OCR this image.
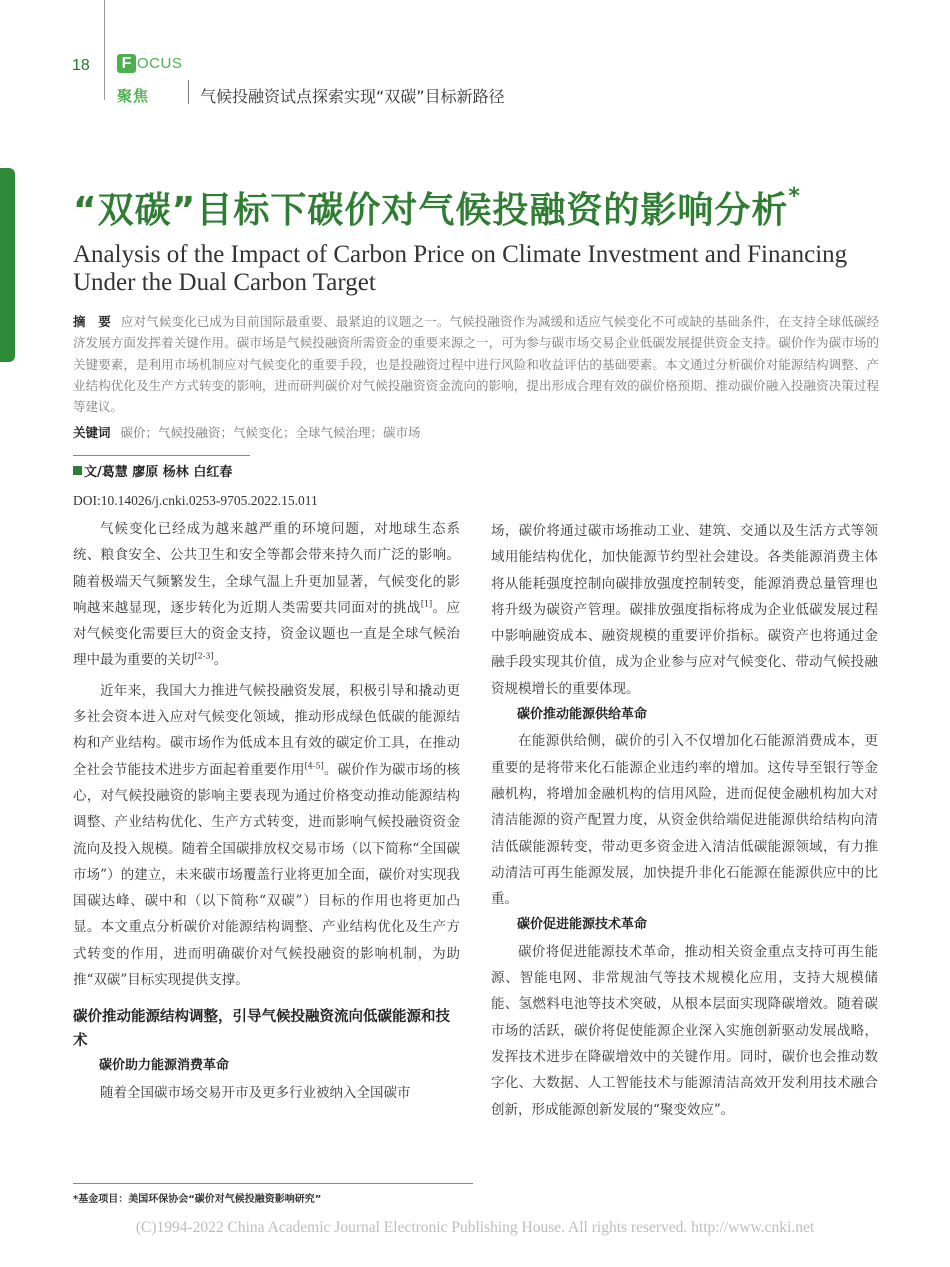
18 F OCUS
聚焦	气候投融资试点探索实现“双碳”目标新路径
“双碳”目标下碳价对气候投融资的影响分析*
Analysis of the Impact of Carbon Price on Climate Investment and Financing Under the Dual Carbon Target
摘　要 应对气候变化已成为目前国际最重要、最紧迫的议题之一。气候投融资作为减缓和适应气候变化不可或缺的基础条件，在支持全球低碳经济发展方面发挥着关键作用。碳市场是气候投融资所需资金的重要来源之一，可为参与碳市场交易企业低碳发展提供资金支持。碳价作为碳市场的关键要素，是利用市场机制应对气候变化的重要手段，也是投融资过程中进行风险和收益评估的基础要素。本文通过分析碳价对能源结构调整、产业结构优化及生产方式转变的影响，进而研判碳价对气候投融资资金流向的影响，提出形成合理有效的碳价格预期、推动碳价融入投融资决策过程等建议。
关键词 碳价；气候投融资；气候变化；全球气候治理；碳市场
文/葛慧 廖原 杨林 白红春
DOI:10.14026/j.cnki.0253-9705.2022.15.011

气候变化已经成为越来越严重的环境问题，对地球生态系统、粮食安全、公共卫生和安全等都会带来持久而广泛的影响。随着极端天气频繁发生，全球气温上升更加显著，气候变化的影响越来越显现，逐步转化为近期人类需要共同面对的挑战[1]。应对气候变化需要巨大的资金支持，资金议题也一直是全球气候治理中最为重要的关切[2-3]。

近年来，我国大力推进气候投融资发展，积极引导和撬动更多社会资本进入应对气候变化领域，推动形成绿色低碳的能源结构和产业结构。碳市场作为低成本且有效的碳定价工具，在推动全社会节能技术进步方面起着重要作用[4-5]。碳价作为碳市场的核心，对气候投融资的影响主要表现为通过价格变动推动能源结构调整、产业结构优化、生产方式转变，进而影响气候投融资资金流向及投入规模。随着全国碳排放权交易市场（以下简称“全国碳市场”）的建立，未来碳市场覆盖行业将更加全面，碳价对实现我国碳达峰、碳中和（以下简称“双碳”）目标的作用也将更加凸显。本文重点分析碳价对能源结构调整、产业结构优化及生产方式转变的作用，进而明确碳价对气候投融资的影响机制，为助推“双碳”目标实现提供支撑。

碳价推动能源结构调整，引导气候投融资流向低碳能源和技术
碳价助力能源消费革命

随着全国碳市场交易开市及更多行业被纳入全国碳市

场，碳价将通过碳市场推动工业、建筑、交通以及生活方式等领域用能结构优化，加快能源节约型社会建设。各类能源消费主体将从能耗强度控制向碳排放强度控制转变，能源消费总量管理也将升级为碳资产管理。碳排放强度指标将成为企业低碳发展过程中影响融资成本、融资规模的重要评价指标。碳资产也将通过金融手段实现其价值，成为企业参与应对气候变化、带动气候投融资规模增长的重要体现。

碳价推动能源供给革命

在能源供给侧，碳价的引入不仅增加化石能源消费成本，更重要的是将带来化石能源企业违约率的增加。这传导至银行等金融机构，将增加金融机构的信用风险，进而促使金融机构加大对清洁能源的资产配置力度，从资金供给端促进能源供给结构向清洁低碳能源转变，带动更多资金进入清洁低碳能源领域，有力推动清洁可再生能源发展，加快提升非化石能源在能源供应中的比重。

碳价促进能源技术革命

碳价将促进能源技术革命，推动相关资金重点支持可再生能源、智能电网、非常规油气等技术规模化应用，支持大规模储能、氢燃料电池等技术突破，从根本层面实现降碳增效。随着碳市场的活跃，碳价将促使能源企业深入实施创新驱动发展战略，发挥技术进步在降碳增效中的关键作用。同时，碳价也会推动数字化、大数据、人工智能技术与能源清洁高效开发利用技术融合创新，形成能源创新发展的“聚变效应”。

*基金项目：美国环保协会“碳价对气候投融资影响研究”
(C)1994-2022 China Academic Journal Electronic Publishing House. All rights reserved. http://www.cnki.net
